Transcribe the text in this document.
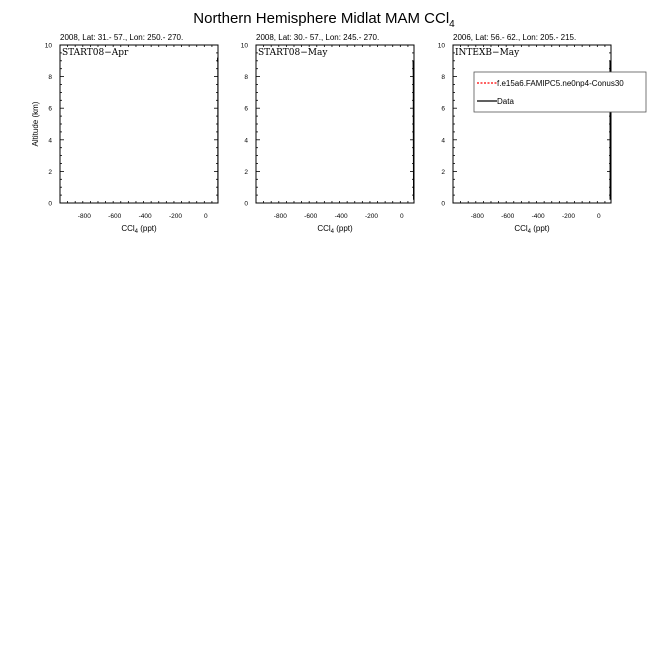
Northern Hemisphere Midlat MAM CCl$_4$
2008, Lat: 31.- 57., Lon: 250.- 270.
-800	-600	-400	-200	0
0
2
4
6
8
10
CCl$_4$ (ppt)
Altitude (km)
START08−Apr
2008, Lat: 30.- 57., Lon: 245.- 270.
-800	-600	-400	-200	0
0
2
4
6
8
10
CCl$_4$ (ppt)
START08−May
2006, Lat: 56.- 62., Lon: 205.- 215.
-800	-600	-400	-200	0
0
2
4
6
8
10
CCl$_4$ (ppt)
INTEXB−May
f.e15a6.FAMIPC5.ne0np4-Conus30
Data
